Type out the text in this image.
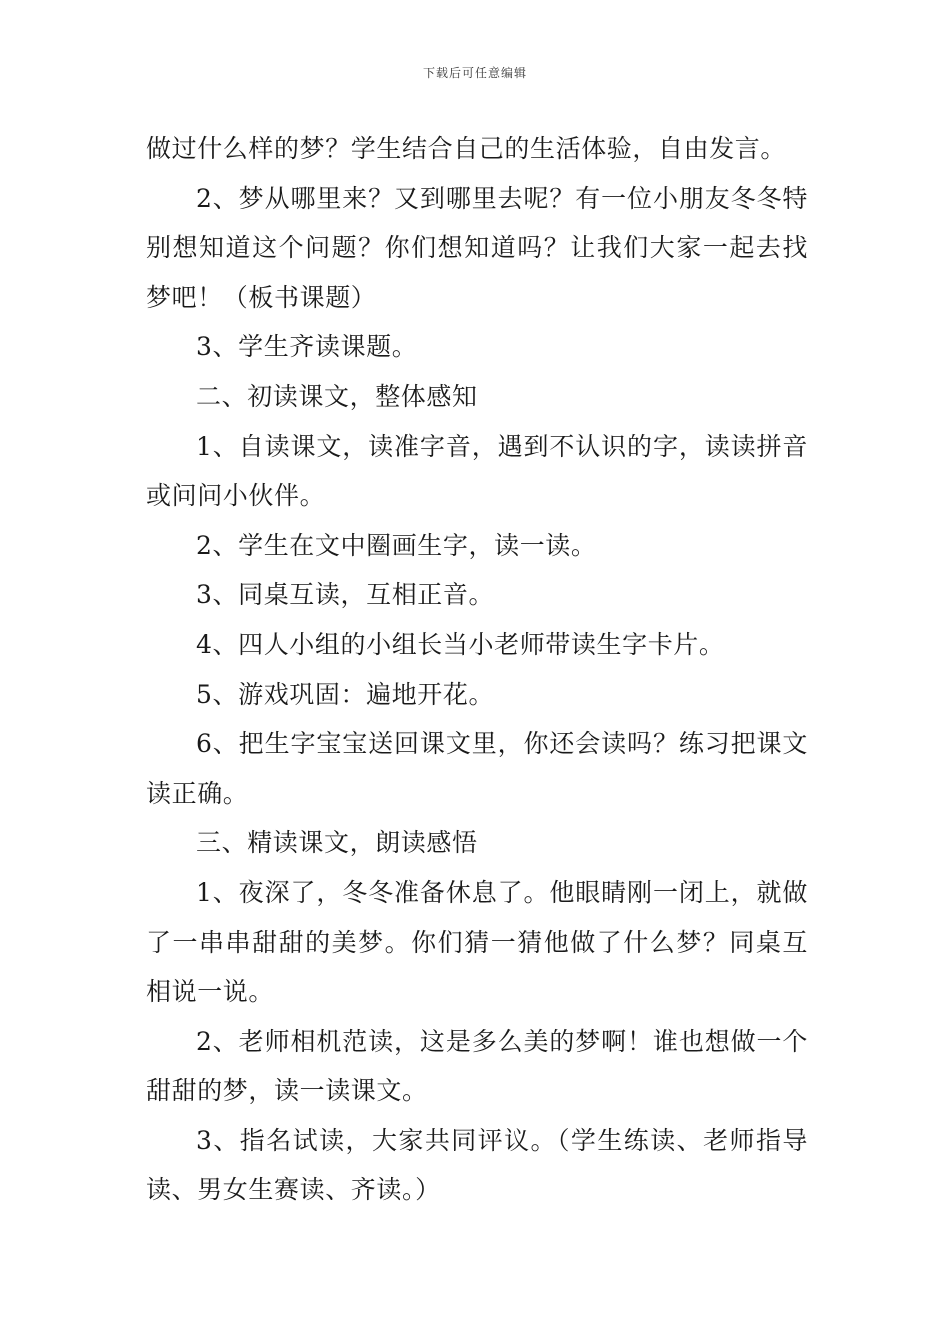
下载后可任意编辑

做过什么样的梦？学生结合自己的生活体验，自由发言。

2、梦从哪里来？又到哪里去呢？有一位小朋友冬冬特别想知道这个问题？你们想知道吗？让我们大家一起去找梦吧！（板书课题）

3、学生齐读课题。

二、初读课文，整体感知

1、自读课文，读准字音，遇到不认识的字，读读拼音或问问小伙伴。

2、学生在文中圈画生字，读一读。

3、同桌互读，互相正音。

4、四人小组的小组长当小老师带读生字卡片。

5、游戏巩固：遍地开花。

6、把生字宝宝送回课文里，你还会读吗？练习把课文读正确。

三、精读课文，朗读感悟

1、夜深了，冬冬准备休息了。他眼睛刚一闭上，就做了一串串甜甜的美梦。你们猜一猜他做了什么梦？同桌互相说一说。

2、老师相机范读，这是多么美的梦啊！谁也想做一个甜甜的梦，读一读课文。

3、指名试读，大家共同评议。（学生练读、老师指导读、男女生赛读、齐读。）
